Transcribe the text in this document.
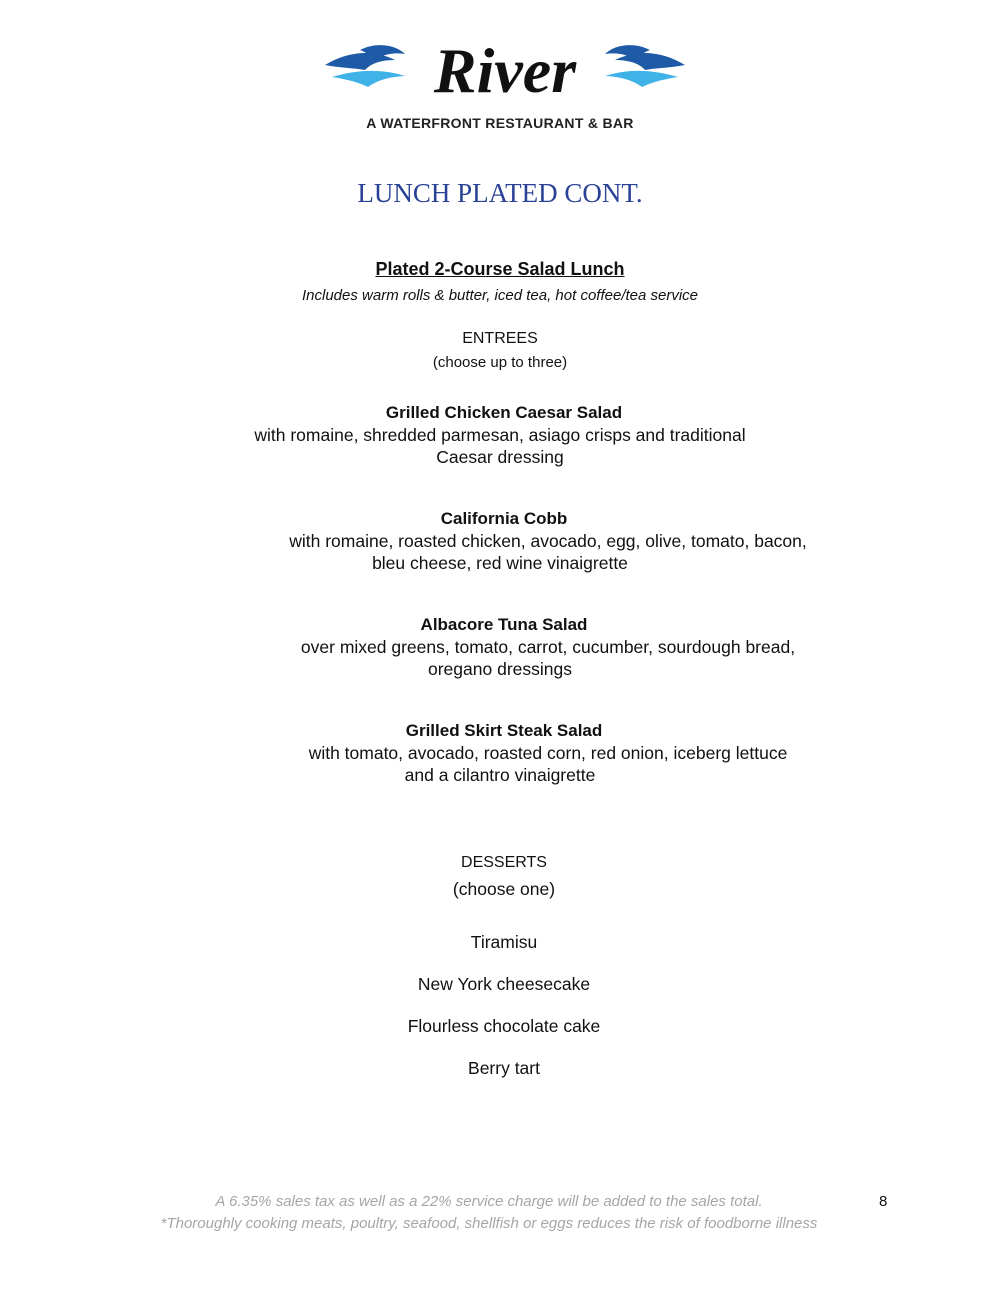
River
A WATERFRONT RESTAURANT & BAR
LUNCH PLATED CONT.
Plated 2-Course Salad Lunch
Includes warm rolls & butter, iced tea, hot coffee/tea service
ENTREES
(choose up to three)
Grilled Chicken Caesar Salad
with romaine, shredded parmesan, asiago crisps and traditional
Caesar dressing
California Cobb
with romaine, roasted chicken, avocado, egg, olive, tomato, bacon,
bleu cheese, red wine vinaigrette
Albacore Tuna Salad
over mixed greens, tomato, carrot, cucumber, sourdough bread,
oregano dressings
Grilled Skirt Steak Salad
with tomato, avocado, roasted corn, red onion, iceberg lettuce
and a cilantro vinaigrette
DESSERTS
(choose one)
Tiramisu
New York cheesecake
Flourless chocolate cake
Berry tart
A 6.35% sales tax as well as a 22% service charge will be added to the sales total.
*Thoroughly cooking meats, poultry, seafood, shellfish or eggs reduces the risk of foodborne illness
8
